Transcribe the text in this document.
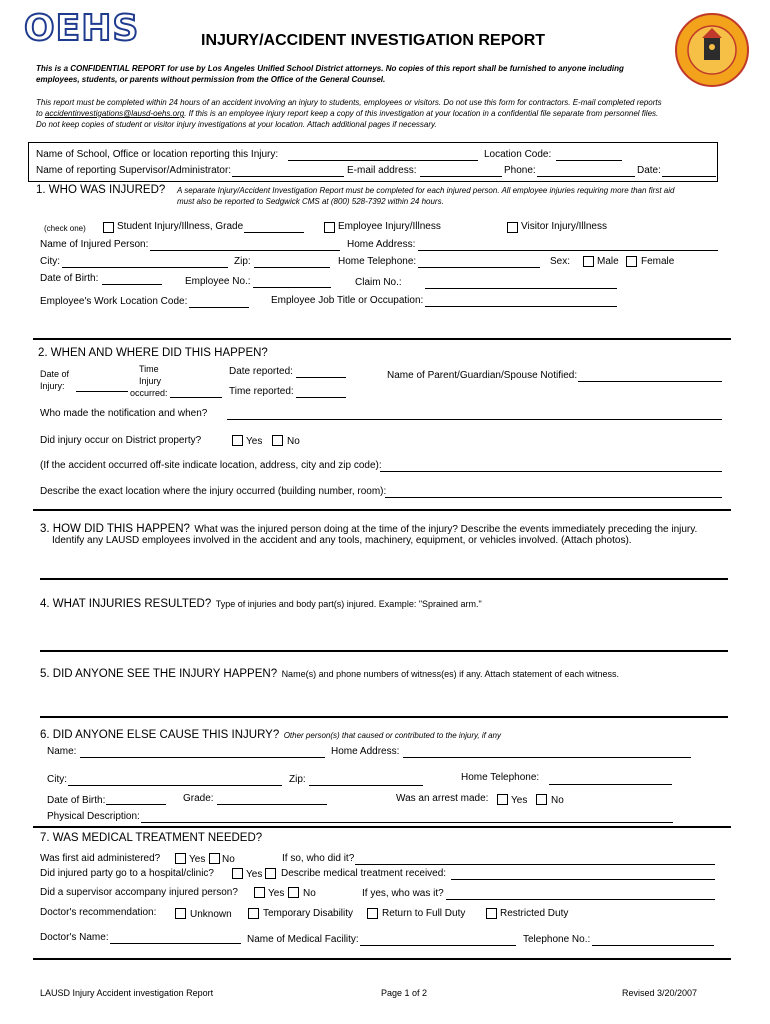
OEHS	INJURY/ACCIDENT INVESTIGATION REPORT
This is a CONFIDENTIAL REPORT for use by Los Angeles Unified School District attorneys. No copies of this report shall be furnished to anyone including
employees, students, or parents without permission from the Office of the General Counsel.
This report must be completed within 24 hours of an accident involving an injury to students, employees or visitors. Do not use this form for contractors. E-mail completed reports
to accidentinvestigations@lausd-oehs.org. If this is an employee injury report keep a copy of this investigation at your location in a confidential file separate from personnel files.
Do not keep copies of student or visitor injury investigations at your location. Attach additional pages if necessary.
Name of School, Office or location reporting this Injury:	Location Code:
Name of reporting Supervisor/Administrator:	E-mail address:	Phone:	Date:
1. WHO WAS INJURED? A separate Injury/Accident Investigation Report must be completed for each injured person. All employee injuries requiring more than first aid
must also be reported to Sedgwick CMS at (800) 528-7392 within 24 hours.
(check one)	Student Injury/Illness, Grade	Employee Injury/Illness	Visitor Injury/Illness
Name of Injured Person:	Home Address:
City:	Zip:	Home Telephone:	Sex:	Male Female
Date of Birth:	Employee No.:	Claim No.:
Employee's Work Location Code:	Employee Job Title or Occupation:
2. WHEN AND WHERE DID THIS HAPPEN?
Date of
Injury:
Time
Injury
occurred:
Date reported:
Time reported:
Name of Parent/Guardian/Spouse Notified:
Who made the notification and when?
Did injury occur on District property?	Yes No
(If the accident occurred off-site indicate location, address, city and zip code):
Describe the exact location where the injury occurred (building number, room):
3. HOW DID THIS HAPPEN? What was the injured person doing at the time of the injury? Describe the events immediately preceding the injury.
Identify any LAUSD employees involved in the accident and any tools, machinery, equipment, or vehicles involved. (Attach photos).
4. WHAT INJURIES RESULTED? Type of injuries and body part(s) injured. Example: "Sprained arm."
5. DID ANYONE SEE THE INJURY HAPPEN? Name(s) and phone numbers of witness(es) if any. Attach statement of each witness.
6. DID ANYONE ELSE CAUSE THIS INJURY? Other person(s) that caused or contributed to the injury, if any
Name:	Home Address:
City:	Zip:	Home Telephone:
Date of Birth:	Grade:	Was an arrest made: Yes No
Physical Description:
7. WAS MEDICAL TREATMENT NEEDED?
Was first aid administered?	Yes No	If so, who did it?
Did injured party go to a hospital/clinic?	Yes Describe medical treatment received:
Did a supervisor accompany injured person?	Yes No	If yes, who was it?
Doctor's recommendation:	Unknown	Temporary Disability	Return to Full Duty	Restricted Duty
Doctor's Name:	Name of Medical Facility:	Telephone No.:
LAUSD Injury Accident investigation Report	Page 1 of 2	Revised 3/20/2007
